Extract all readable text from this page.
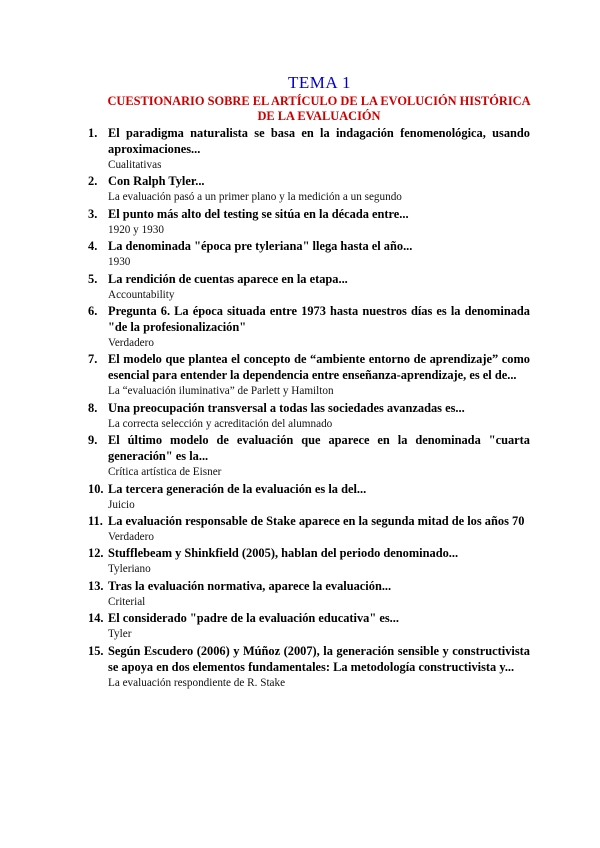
TEMA 1
CUESTIONARIO SOBRE EL ARTÍCULO DE LA EVOLUCIÓN HISTÓRICA
DE LA EVALUACIÓN
1. El paradigma naturalista se basa en la indagación fenomenológica, usando aproximaciones...
Cualitativas
2. Con Ralph Tyler...
La evaluación pasó a un primer plano y la medición a un segundo
3. El punto más alto del testing se sitúa en la década entre...
1920 y 1930
4. La denominada "época pre tyleriana" llega hasta el año...
1930
5. La rendición de cuentas aparece en la etapa...
Accountability
6. Pregunta 6. La época situada entre 1973 hasta nuestros días es la denominada "de la profesionalización"
Verdadero
7. El modelo que plantea el concepto de “ambiente entorno de aprendizaje” como esencial para entender la dependencia entre enseñanza-aprendizaje, es el de...
La “evaluación iluminativa” de Parlett y Hamilton
8. Una preocupación transversal a todas las sociedades avanzadas es...
La correcta selección y acreditación del alumnado
9. El último modelo de evaluación que aparece en la denominada "cuarta generación" es la...
Crítica artística de Eisner
10. La tercera generación de la evaluación es la del...
Juicio
11. La evaluación responsable de Stake aparece en la segunda mitad de los años 70
Verdadero
12. Stufflebeam y Shinkfield (2005), hablan del periodo denominado...
Tyleriano
13. Tras la evaluación normativa, aparece la evaluación...
Criterial
14. El considerado "padre de la evaluación educativa" es...
Tyler
15. Según Escudero (2006) y Múñoz (2007), la generación sensible y constructivista se apoya en dos elementos fundamentales: La metodología constructivista y...
La evaluación respondiente de R. Stake
